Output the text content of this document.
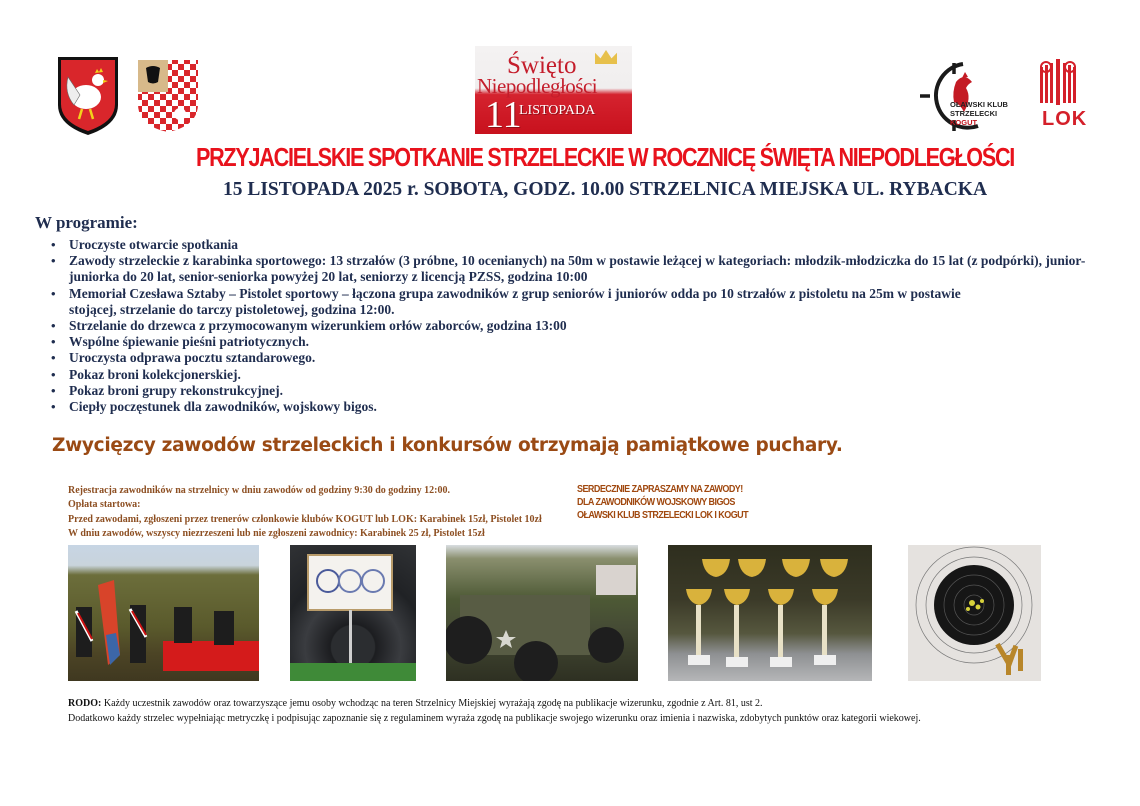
Święto
Niepodległości
11
LISTOPADA	OŁAWSKI KLUB
STRZELECKI
KOGUT	LOK
PRZYJACIELSKIE SPOTKANIE STRZELECKIE W ROCZNICĘ ŚWIĘTA NIEPODLEGŁOŚCI
15 LISTOPADA 2025 r. SOBOTA, GODZ. 10.00 STRZELNICA MIEJSKA UL. RYBACKA
W programie:
• Uroczyste otwarcie spotkania
• Zawody strzeleckie z karabinka sportowego: 13 strzałów (3 próbne, 10 ocenianych) na 50m w postawie leżącej w kategoriach: młodzik-młodziczka do 15 lat (z podpórki), junior-juniorka do 20 lat, senior-seniorka powyżej 20 lat, seniorzy z licencją PZSS, godzina 10:00
• Memoriał Czesława Sztaby – Pistolet sportowy – łączona grupa zawodników z grup seniorów i juniorów odda po 10 strzałów z pistoletu na 25m w postawie stojącej, strzelanie do tarczy pistoletowej, godzina 12:00.
• Strzelanie do drzewca z przymocowanym wizerunkiem orłów zaborców, godzina 13:00
• Wspólne śpiewanie pieśni patriotycznych.
• Uroczysta odprawa pocztu sztandarowego.
• Pokaz broni kolekcjonerskiej.
• Pokaz broni grupy rekonstrukcyjnej.
• Ciepły poczęstunek dla zawodników, wojskowy bigos.
Zwycięzcy zawodów strzeleckich i konkursów otrzymają pamiątkowe puchary.
Rejestracja zawodników na strzelnicy w dniu zawodów od godziny 9:30 do godziny 12:00.
Opłata startowa:
Przed zawodami, zgłoszeni przez trenerów członkowie klubów KOGUT lub LOK: Karabinek 15zł, Pistolet 10zł
W dniu zawodów, wszyscy niezrzeszeni lub nie zgłoszeni zawodnicy: Karabinek 25 zł, Pistolet 15zł
SERDECZNIE ZAPRASZAMY NA ZAWODY!
DLA ZAWODNIKÓW WOJSKOWY BIGOS
OŁAWSKI KLUB STRZELECKI LOK I KOGUT
RODO: Każdy uczestnik zawodów oraz towarzyszące jemu osoby wchodząc na teren Strzelnicy Miejskiej wyrażają zgodę na publikacje wizerunku, zgodnie z Art. 81, ust 2.
Dodatkowo każdy strzelec wypełniając metryczkę i podpisując zapoznanie się z regulaminem wyraża zgodę na publikacje swojego wizerunku oraz imienia i nazwiska, zdobytych punktów oraz kategorii wiekowej.
